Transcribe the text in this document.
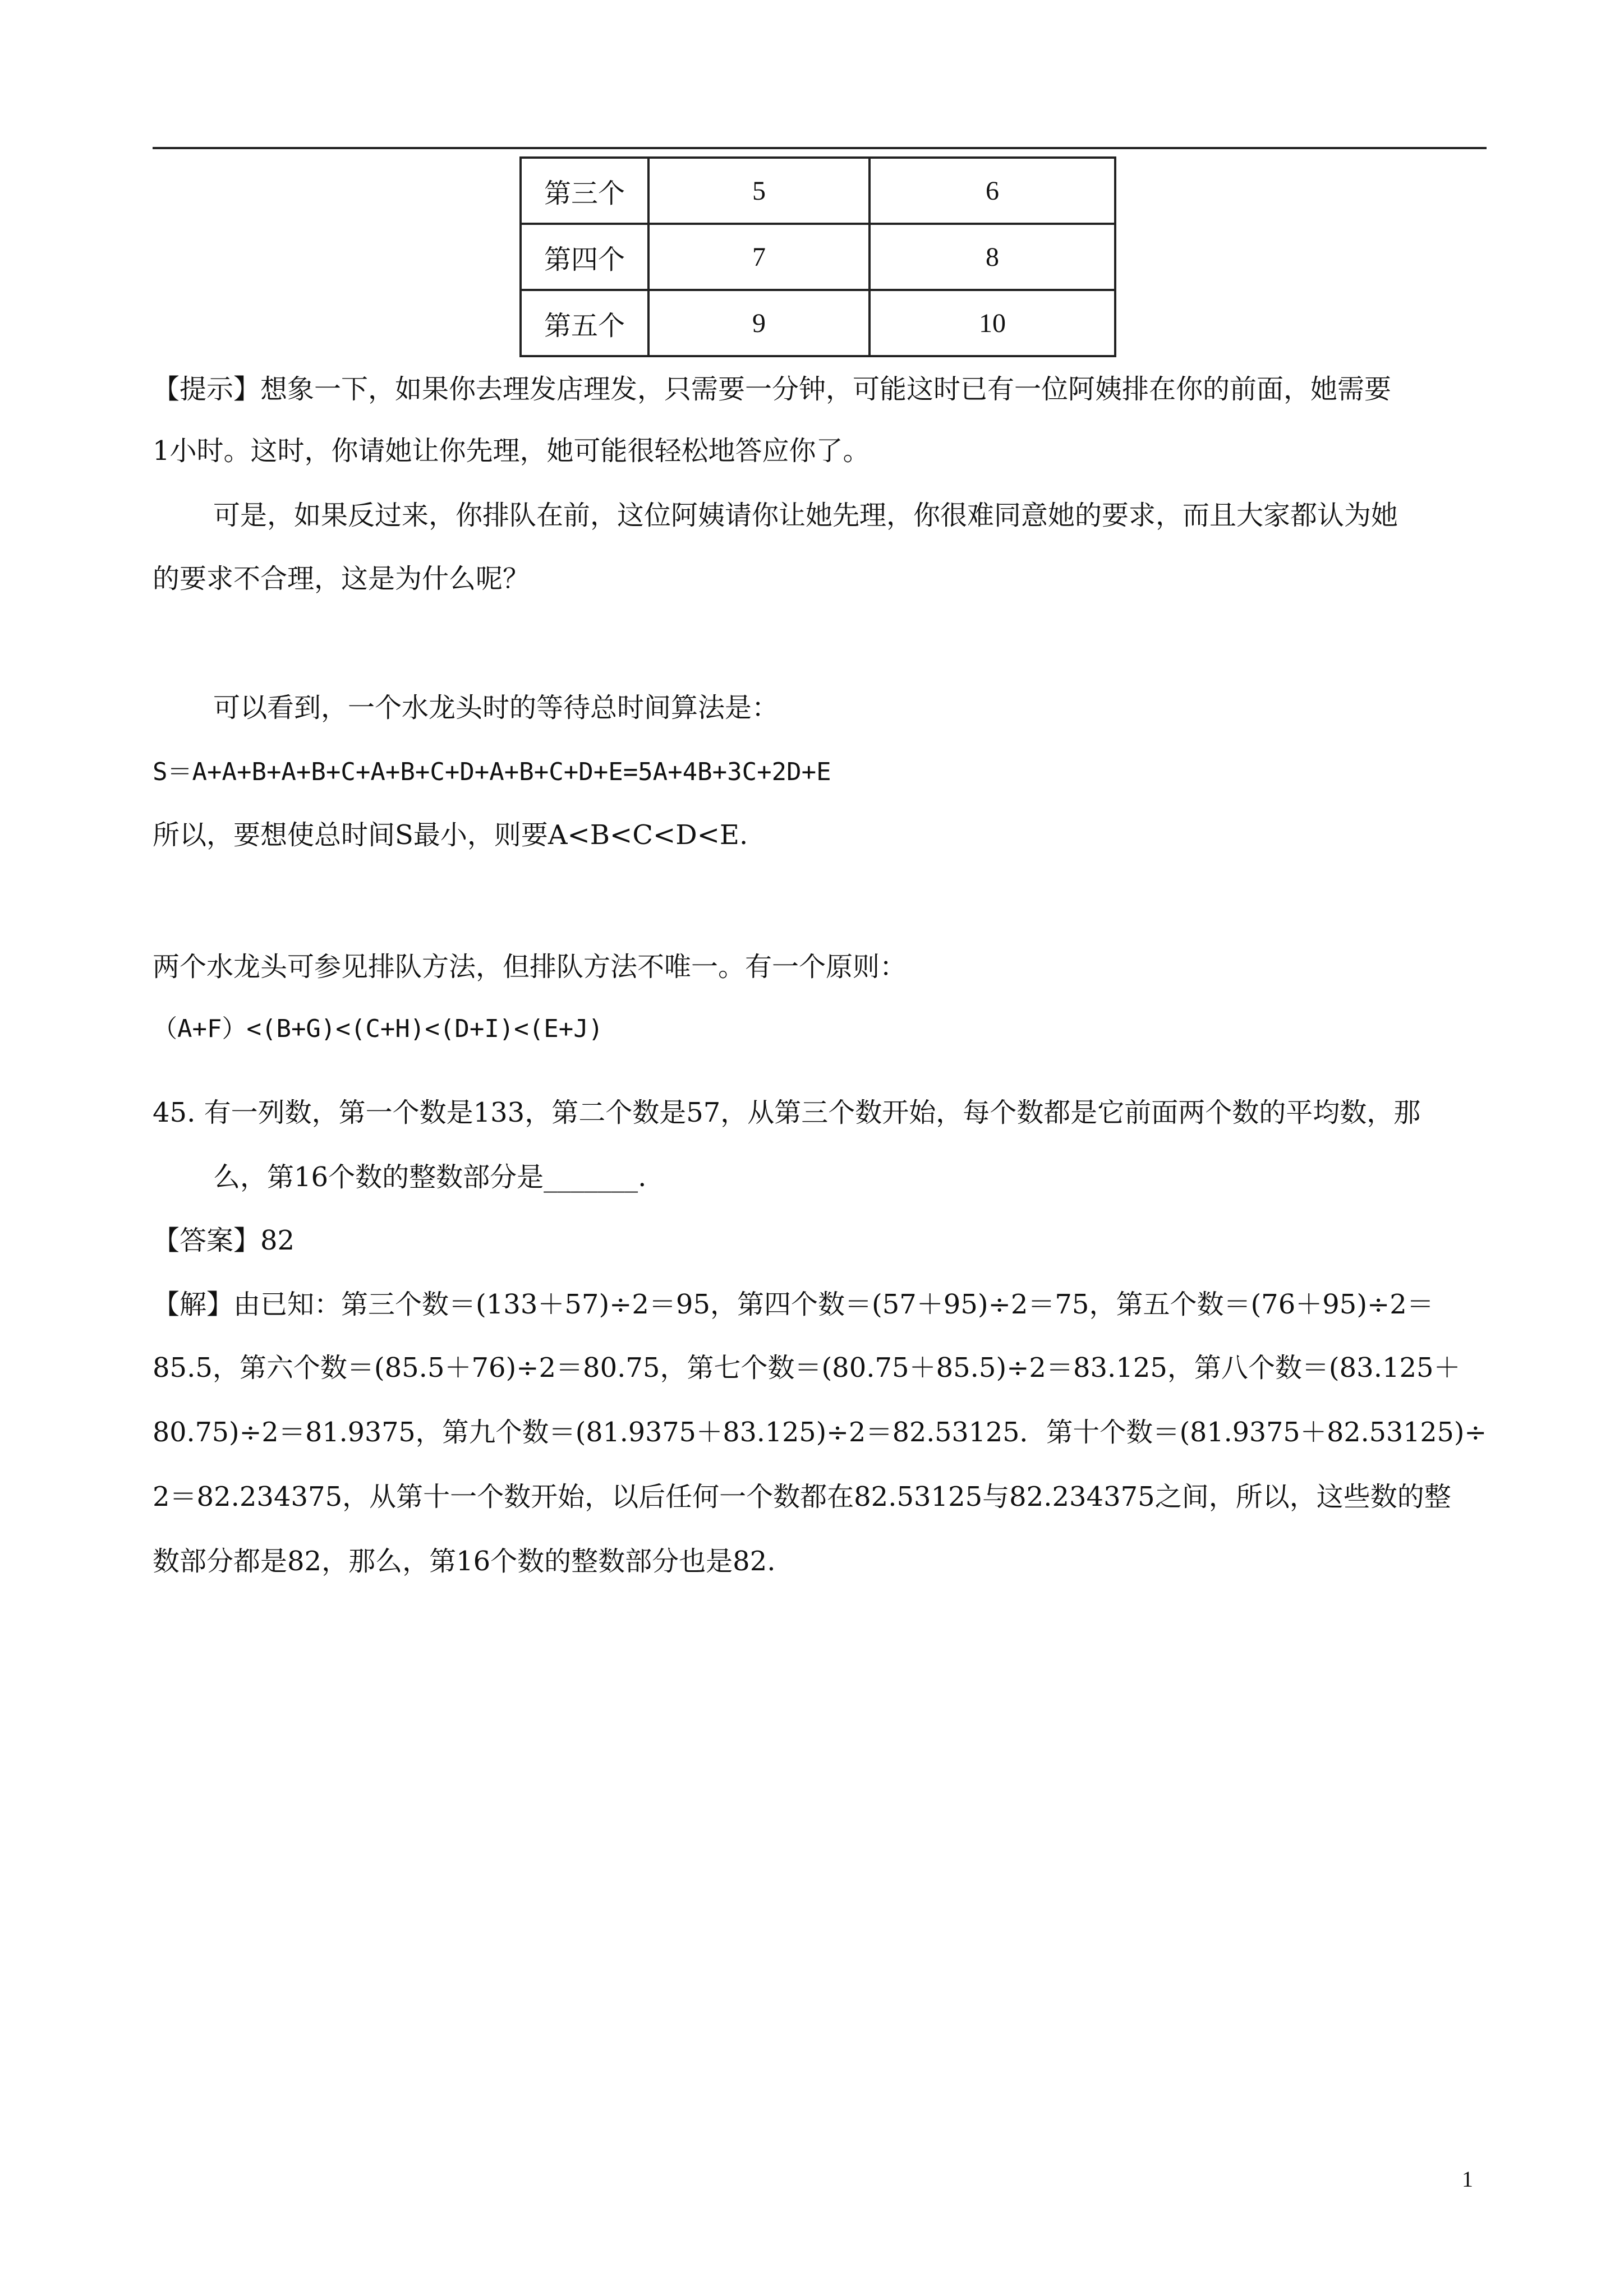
第三个	5	6
第四个	7	8
第五个	9	10
【提示】想象一下，如果你去理发店理发，只需要一分钟，可能这时已有一位阿姨排在你的前面，她需要
1小时。这时，你请她让你先理，她可能很轻松地答应你了。
可是，如果反过来，你排队在前，这位阿姨请你让她先理，你很难同意她的要求，而且大家都认为她
的要求不合理，这是为什么呢？
可以看到，一个水龙头时的等待总时间算法是：
S＝A+A+B+A+B+C+A+B+C+D+A+B+C+D+E=5A+4B+3C+2D+E
所以，要想使总时间S最小，则要A<B<C<D<E.
两个水龙头可参见排队方法，但排队方法不唯一。有一个原则：
（A+F）<(B+G)<(C+H)<(D+I)<(E+J)
45. 有一列数，第一个数是133，第二个数是57，从第三个数开始，每个数都是它前面两个数的平均数，那
么，第16个数的整数部分是_______.
【答案】82
【解】由已知：第三个数＝(133＋57)÷2＝95，第四个数＝(57＋95)÷2＝75，第五个数＝(76＋95)÷2＝
85.5，第六个数＝(85.5＋76)÷2＝80.75，第七个数＝(80.75＋85.5)÷2＝83.125，第八个数＝(83.125＋
80.75)÷2＝81.9375，第九个数＝(81.9375＋83.125)÷2＝82.53125．第十个数＝(81.9375＋82.53125)÷
2＝82.234375，从第十一个数开始，以后任何一个数都在82.53125与82.234375之间，所以，这些数的整
数部分都是82，那么，第16个数的整数部分也是82.
1
